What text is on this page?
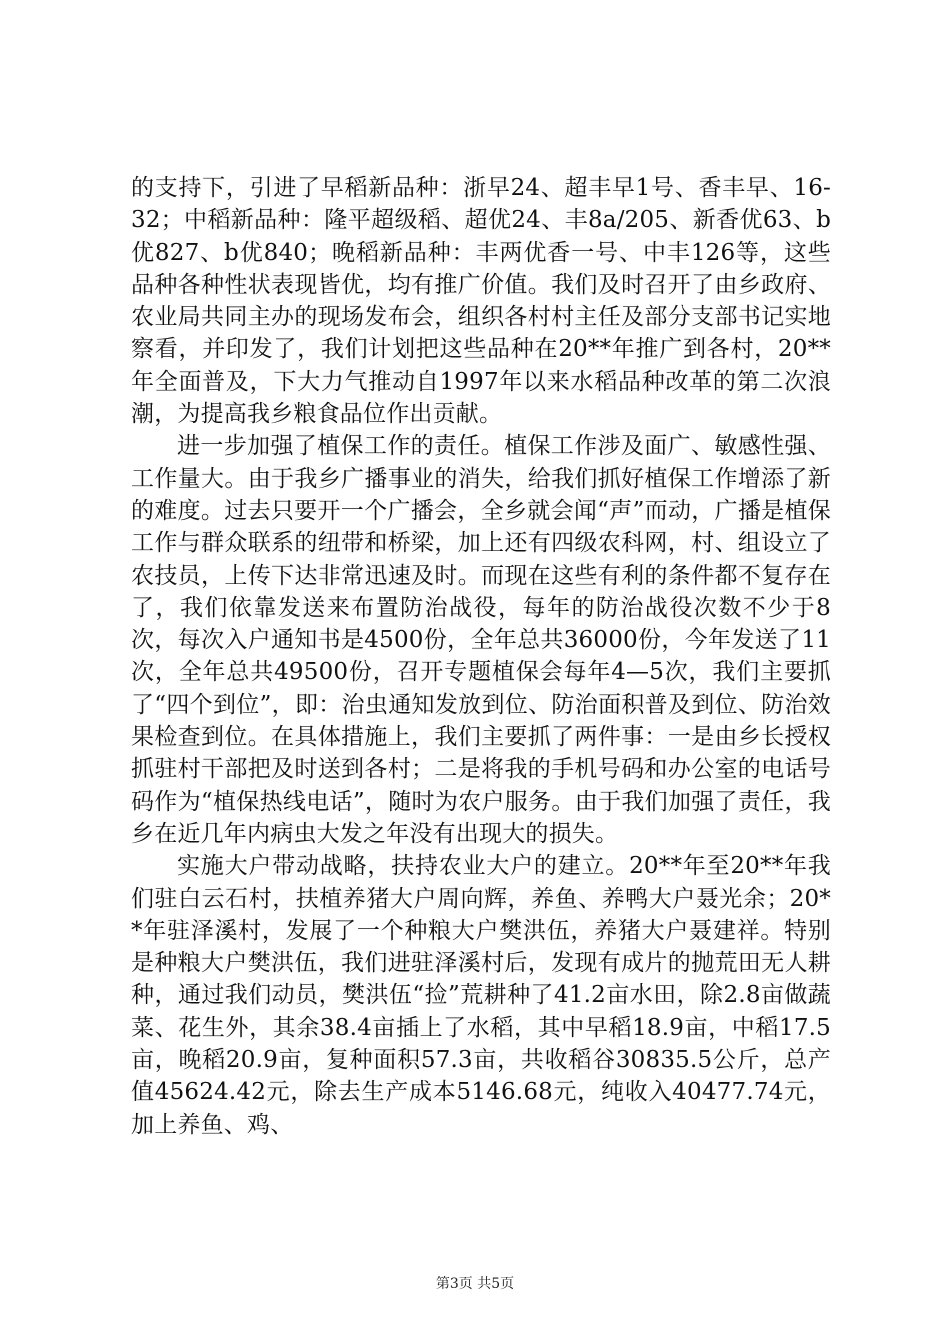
的支持下，引进了早稻新品种：浙早24、超丰早1号、香丰早、16-32；中稻新品种：隆平超级稻、超优24、丰8a/205、新香优63、b优827、b优840；晚稻新品种：丰两优香一号、中丰126等，这些品种各种性状表现皆优，均有推广价值。我们及时召开了由乡政府、农业局共同主办的现场发布会，组织各村村主任及部分支部书记实地察看，并印发了，我们计划把这些品种在20**年推广到各村，20**年全面普及，下大力气推动自1997年以来水稻品种改革的第二次浪潮，为提高我乡粮食品位作出贡献。

进一步加强了植保工作的责任。植保工作涉及面广、敏感性强、工作量大。由于我乡广播事业的消失，给我们抓好植保工作增添了新的难度。过去只要开一个广播会，全乡就会闻“声”而动，广播是植保工作与群众联系的纽带和桥梁，加上还有四级农科网，村、组设立了农技员，上传下达非常迅速及时。而现在这些有利的条件都不复存在了，我们依靠发送来布置防治战役，每年的防治战役次数不少于8次，每次入户通知书是4500份，全年总共36000份，今年发送了11次，全年总共49500份，召开专题植保会每年4—5次，我们主要抓了“四个到位”，即：治虫通知发放到位、防治面积普及到位、防治效果检查到位。在具体措施上，我们主要抓了两件事：一是由乡长授权抓驻村干部把及时送到各村；二是将我的手机号码和办公室的电话号码作为“植保热线电话”，随时为农户服务。由于我们加强了责任，我乡在近几年内病虫大发之年没有出现大的损失。

实施大户带动战略，扶持农业大户的建立。20**年至20**年我们驻白云石村，扶植养猪大户周向辉，养鱼、养鸭大户聂光余；20**年驻泽溪村，发展了一个种粮大户樊洪伍，养猪大户聂建祥。特别是种粮大户樊洪伍，我们进驻泽溪村后，发现有成片的抛荒田无人耕种，通过我们动员，樊洪伍“捡”荒耕种了41.2亩水田，除2.8亩做蔬菜、花生外，其余38.4亩插上了水稻，其中早稻18.9亩，中稻17.5亩，晚稻20.9亩，复种面积57.3亩，共收稻谷30835.5公斤，总产值45624.42元，除去生产成本5146.68元，纯收入40477.74元，加上养鱼、鸡、

第3页 共5页
